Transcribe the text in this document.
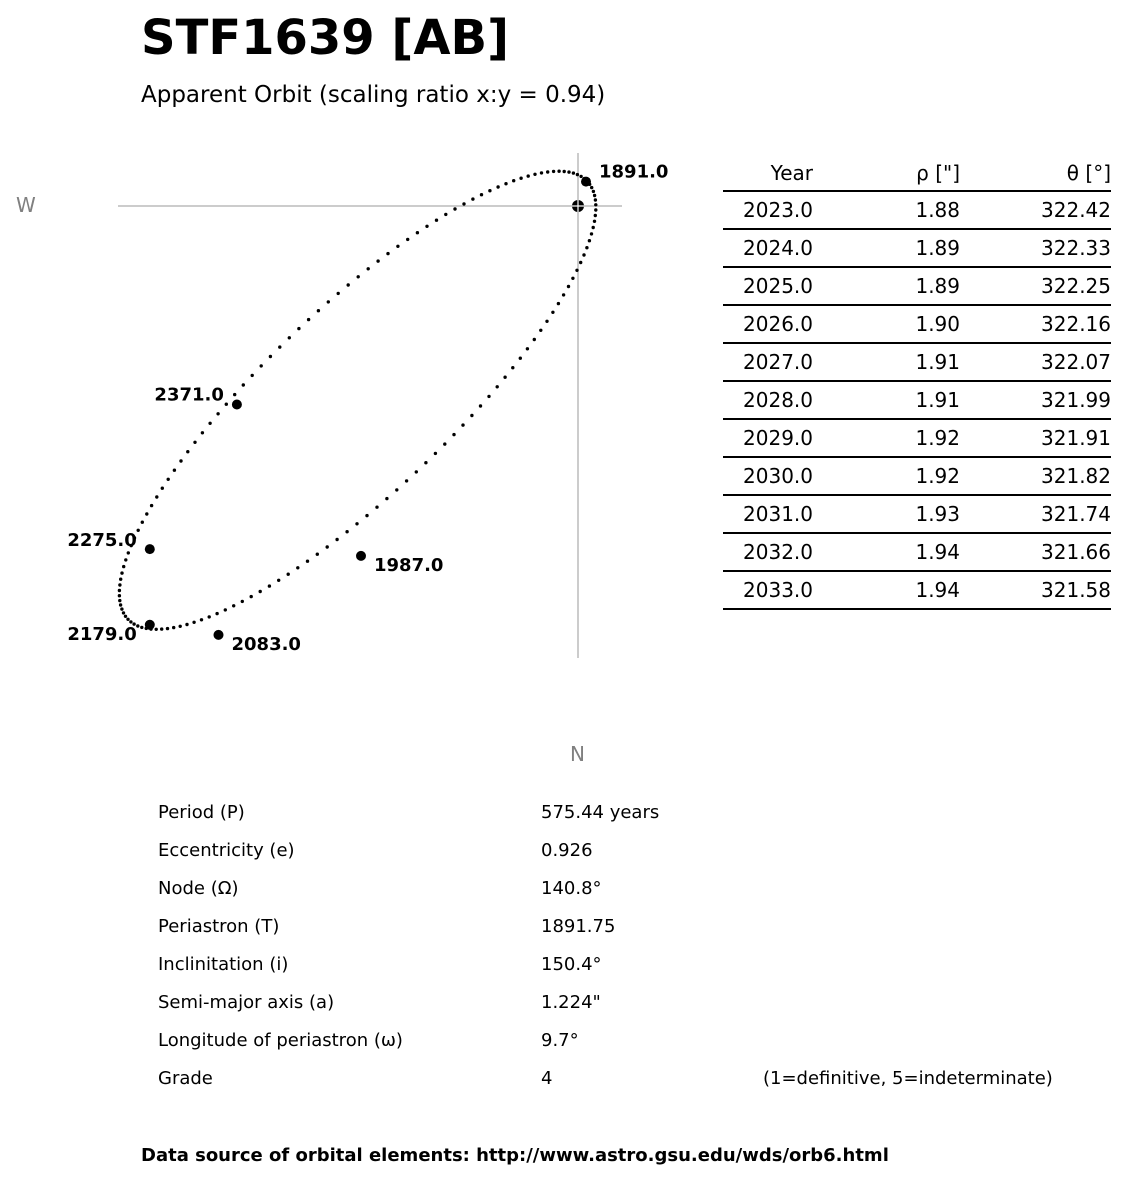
STF1639 [AB]
Apparent Orbit (scaling ratio x:y = 0.94)
W
N
1891.0
1987.0
2083.0
2179.0
2275.0
2371.0
Year	ρ ["]	θ [°]
2023.0	1.88	322.42
2024.0	1.89	322.33
2025.0	1.89	322.25
2026.0	1.90	322.16
2027.0	1.91	322.07
2028.0	1.91	321.99
2029.0	1.92	321.91
2030.0	1.92	321.82
2031.0	1.93	321.74
2032.0	1.94	321.66
2033.0	1.94	321.58
Period (P)	575.44 years
Eccentricity (e)	0.926
Node (Ω)	140.8°
Periastron (T)	1891.75
Inclinitation (i)	150.4°
Semi-major axis (a)	1.224"
Longitude of periastron (ω)	9.7°
Grade	4	(1=definitive, 5=indeterminate)
Data source of orbital elements: http://www.astro.gsu.edu/wds/orb6.html
